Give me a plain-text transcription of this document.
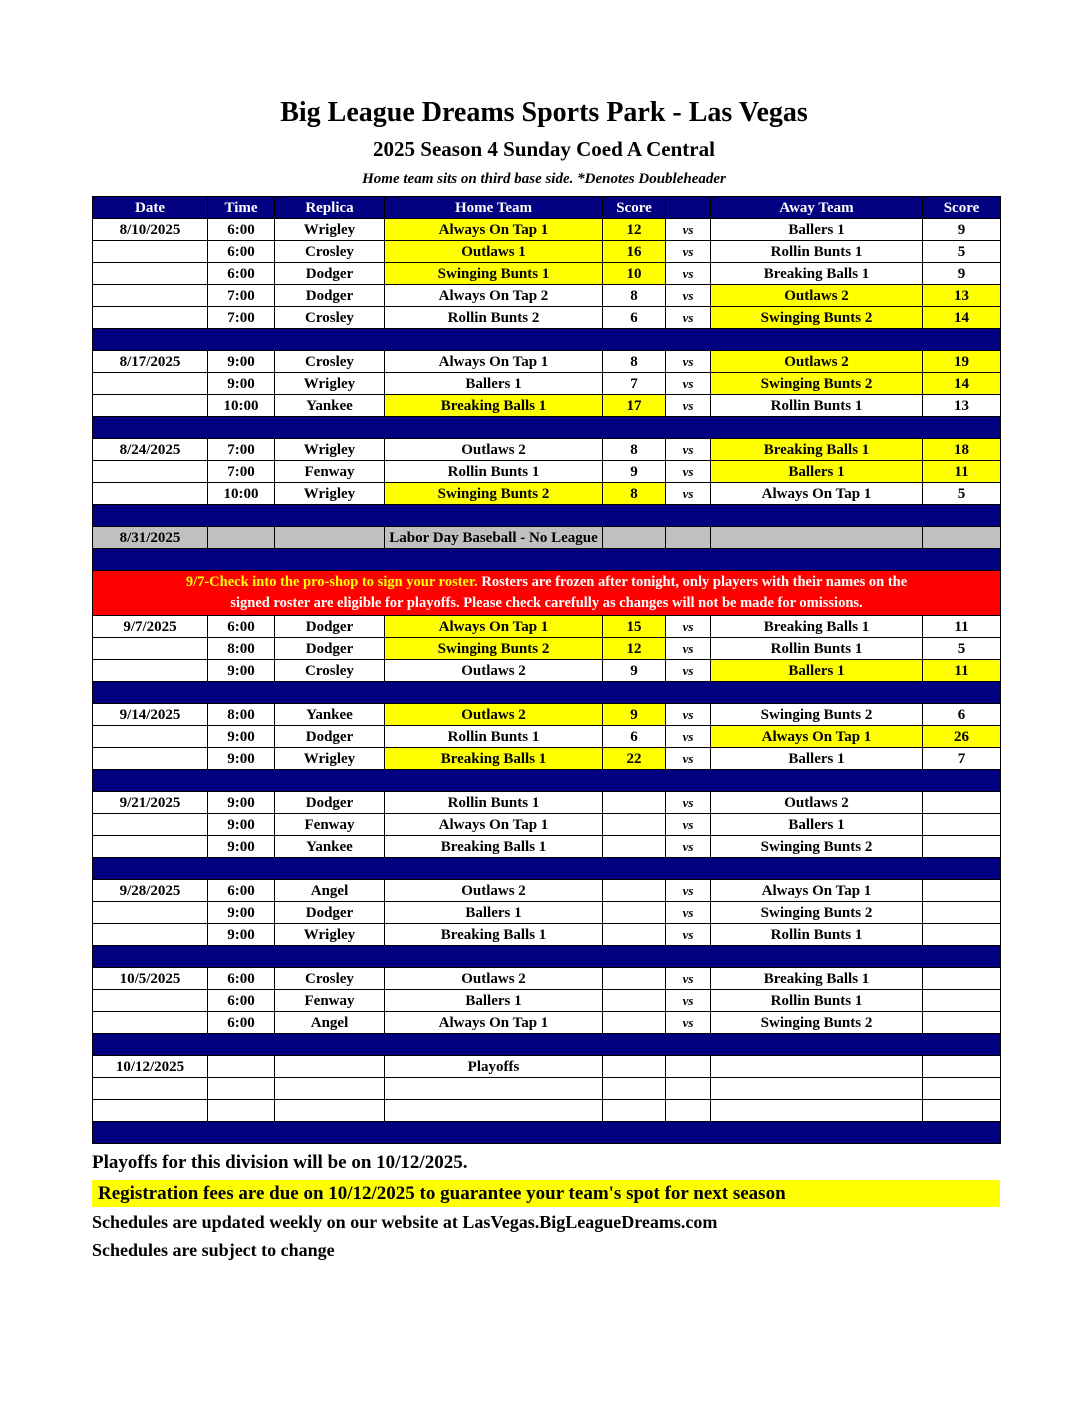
Big League Dreams Sports Park - Las Vegas
2025 Season 4 Sunday Coed A Central
Home team sits on third base side. *Denotes Doubleheader
Date	Time	Replica	Home Team	Score		Away Team	Score
8/10/2025	6:00	Wrigley	Always On Tap 1	12	vs	Ballers 1	9
	6:00	Crosley	Outlaws 1	16	vs	Rollin Bunts 1	5
	6:00	Dodger	Swinging Bunts 1	10	vs	Breaking Balls 1	9
	7:00	Dodger	Always On Tap 2	8	vs	Outlaws 2	13
	7:00	Crosley	Rollin Bunts 2	6	vs	Swinging Bunts 2	14

8/17/2025	9:00	Crosley	Always On Tap 1	8	vs	Outlaws 2	19
	9:00	Wrigley	Ballers 1	7	vs	Swinging Bunts 2	14
	10:00	Yankee	Breaking Balls 1	17	vs	Rollin Bunts 1	13

8/24/2025	7:00	Wrigley	Outlaws 2	8	vs	Breaking Balls 1	18
	7:00	Fenway	Rollin Bunts 1	9	vs	Ballers 1	11
	10:00	Wrigley	Swinging Bunts 2	8	vs	Always On Tap 1	5

8/31/2025			Labor Day Baseball - No League				

9/7-Check into the pro-shop to sign your roster. Rosters are frozen after tonight, only players with their names on the
signed roster are eligible for playoffs. Please check carefully as changes will not be made for omissions.							

9/7/2025	6:00	Dodger	Always On Tap 1	15	vs	Breaking Balls 1	11
	8:00	Dodger	Swinging Bunts 2	12	vs	Rollin Bunts 1	5
	9:00	Crosley	Outlaws 2	9	vs	Ballers 1	11

9/14/2025	8:00	Yankee	Outlaws 2	9	vs	Swinging Bunts 2	6
	9:00	Dodger	Rollin Bunts 1	6	vs	Always On Tap 1	26
	9:00	Wrigley	Breaking Balls 1	22	vs	Ballers 1	7

9/21/2025	9:00	Dodger	Rollin Bunts 1		vs	Outlaws 2	
	9:00	Fenway	Always On Tap 1		vs	Ballers 1	
	9:00	Yankee	Breaking Balls 1		vs	Swinging Bunts 2	

9/28/2025	6:00	Angel	Outlaws 2		vs	Always On Tap 1	
	9:00	Dodger	Ballers 1		vs	Swinging Bunts 2	
	9:00	Wrigley	Breaking Balls 1		vs	Rollin Bunts 1	

10/5/2025	6:00	Crosley	Outlaws 2		vs	Breaking Balls 1	
	6:00	Fenway	Ballers 1		vs	Rollin Bunts 1	
	6:00	Angel	Always On Tap 1		vs	Swinging Bunts 2	

10/12/2025			Playoffs				

Playoffs for this division will be on 10/12/2025.
Registration fees are due on 10/12/2025 to guarantee your team's spot for next season
Schedules are updated weekly on our website at LasVegas.BigLeagueDreams.com
Schedules are subject to change
